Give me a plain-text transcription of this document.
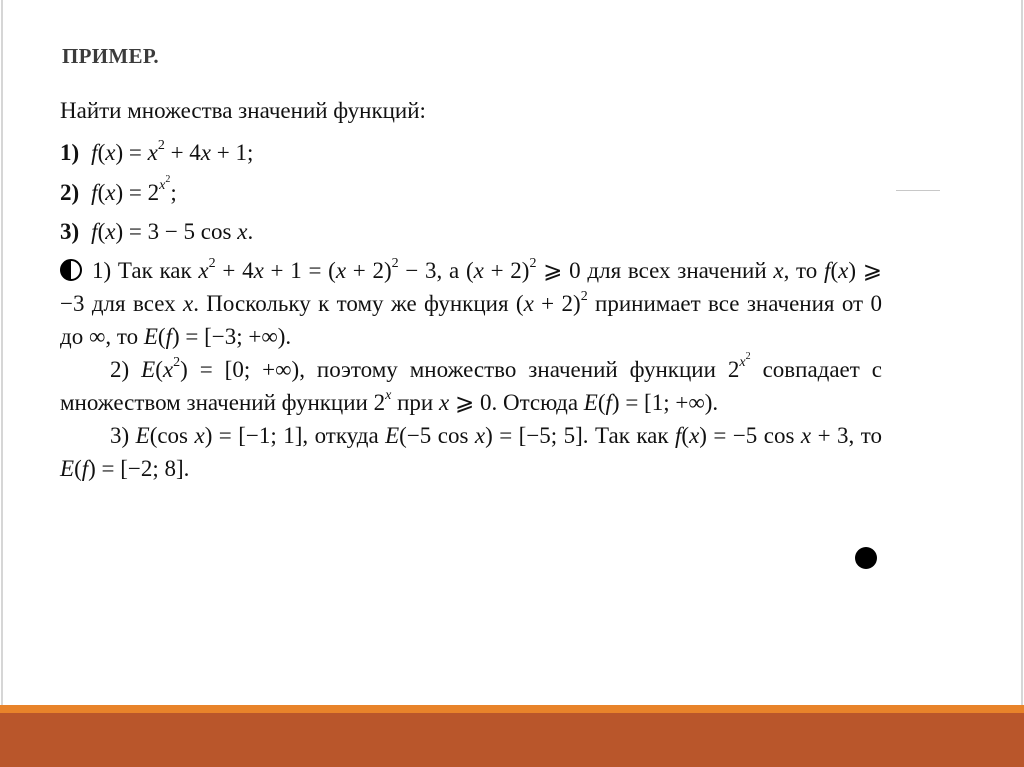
ПРИМЕР.
Найти множества значений функций:
1) $f(x) = x^2 + 4x + 1$;
2) $f(x) = 2^{x^2}$;
3) f(x) = 3 − 5 cos x.

1) Так как $x^2 + 4x + 1 = (x + 2)^2 - 3$, а $(x + 2)^2$ ⩾ 0 для всех значений x, то f(x) ⩾ −3 для всех x. Поскольку к тому же функция $(x + 2)^2$ принимает все значения от 0 до ∞, то E(f) = [−3; +∞).

2) $E(x^2) = [0$; +∞), поэтому множество значений функции $2^{x^2}$ совпадает с множеством значений функции 2$^x$ при x ⩾ 0. Отсюда E(f) = [1; +∞).

3) E(cos x) = [−1; 1], откуда E(−5 cos x) = [−5; 5]. Так как f(x) = −5 cos x + 3, то E(f) = [−2; 8].
